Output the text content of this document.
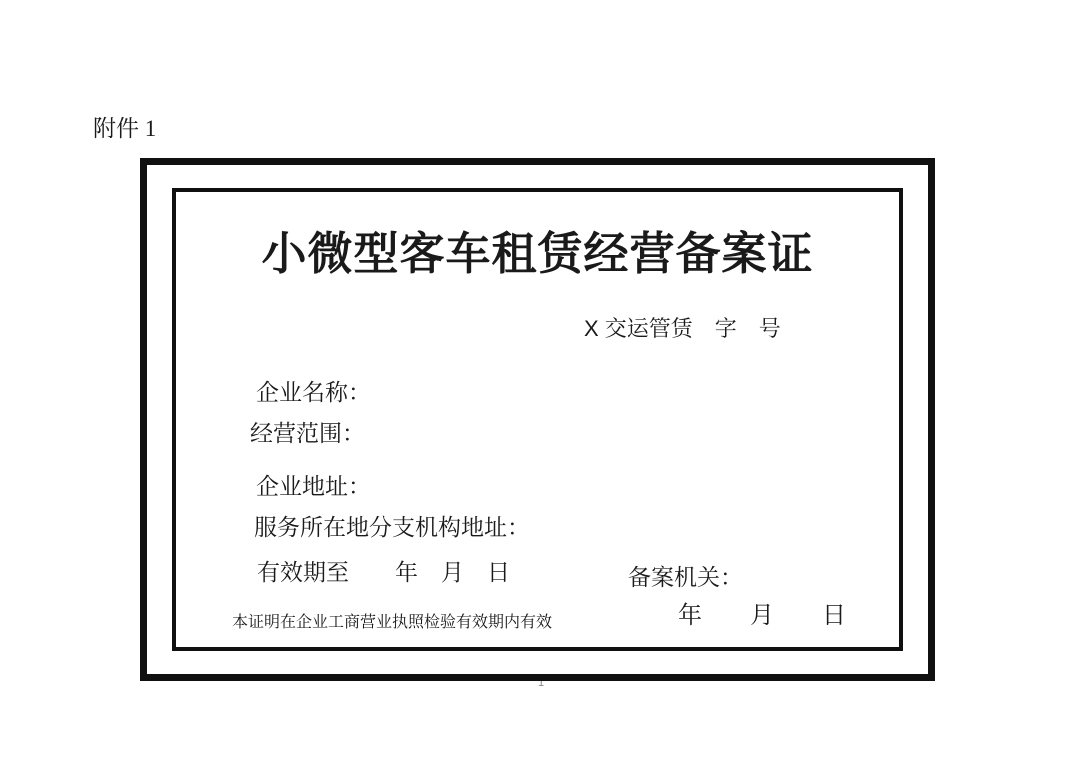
附件 1
1
小微型客车租赁经营备案证
X 交运管赁　字　号
企业名称：
经营范围：
企业地址：
服务所在地分支机构地址：
有效期至　　年　月　日	备案机关：
年　　月　　日
本证明在企业工商营业执照检验有效期内有效
